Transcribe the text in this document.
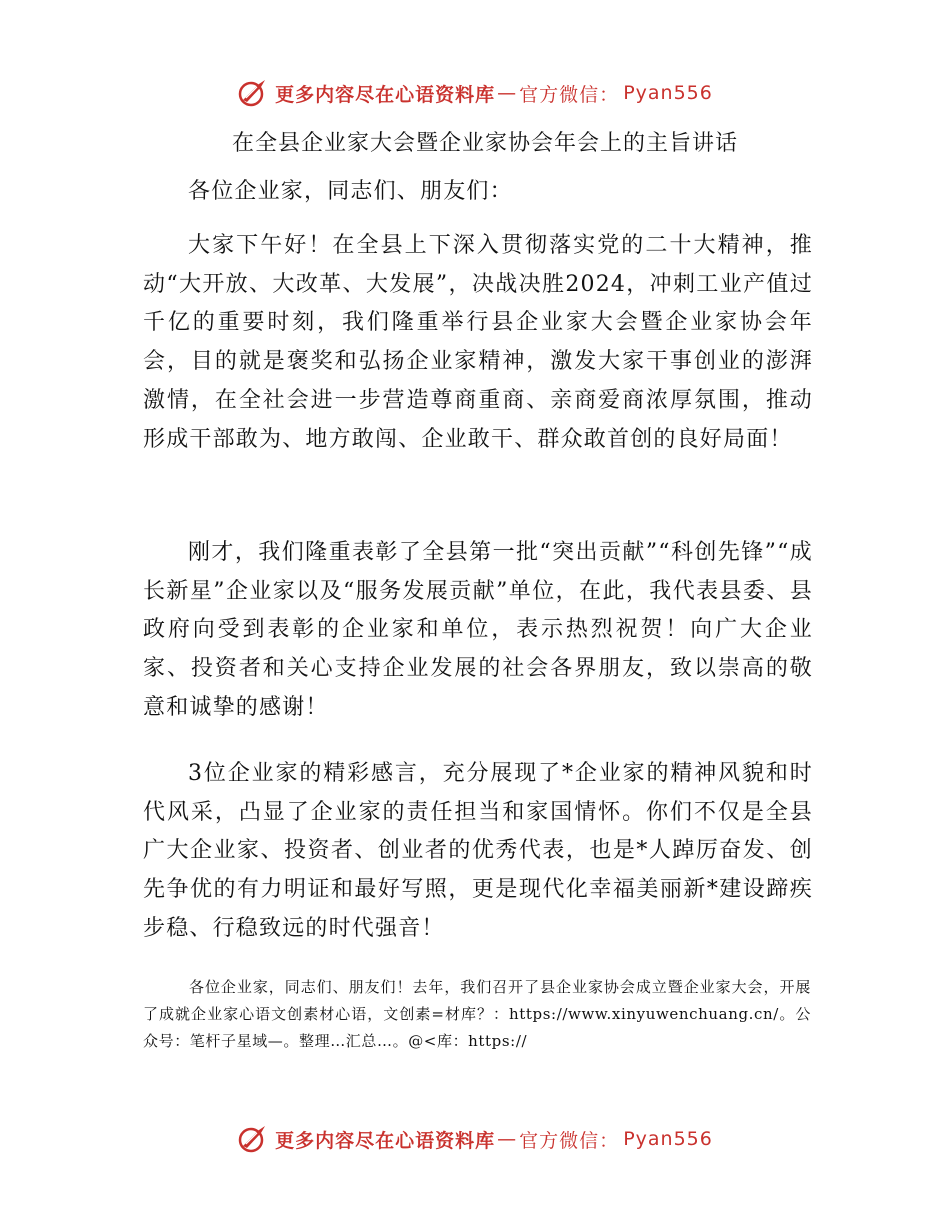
更多内容尽在心语资料库 — 官方微信： Pyan556
在全县企业家大会暨企业家协会年会上的主旨讲话
各位企业家，同志们、朋友们：
大家下午好！在全县上下深入贯彻落实党的二十大精神，推动“大开放、大改革、大发展”，决战决胜2024，冲刺工业产值过千亿的重要时刻，我们隆重举行县企业家大会暨企业家协会年会，目的就是褒奖和弘扬企业家精神，激发大家干事创业的澎湃激情，在全社会进一步营造尊商重商、亲商爱商浓厚氛围，推动形成干部敢为、地方敢闯、企业敢干、群众敢首创的良好局面！
刚才，我们隆重表彰了全县第一批“突出贡献”“科创先锋”“成长新星”企业家以及“服务发展贡献”单位，在此，我代表县委、县政府向受到表彰的企业家和单位，表示热烈祝贺！向广大企业家、投资者和关心支持企业发展的社会各界朋友，致以崇高的敬意和诚挚的感谢！
3位企业家的精彩感言，充分展现了*企业家的精神风貌和时代风采，凸显了企业家的责任担当和家国情怀。你们不仅是全县广大企业家、投资者、创业者的优秀代表，也是*人踔厉奋发、创先争优的有力明证和最好写照，更是现代化幸福美丽新*建设蹄疾步稳、行稳致远的时代强音！
各位企业家，同志们、朋友们！去年，我们召开了县企业家协会成立暨企业家大会，开展了成就企业家心语文创素材心语，文创素=材库？：https://www.xinyuwenchuang.cn/。公众号：笔杆子星域—。整理…汇总…。@<库：https://
更多内容尽在心语资料库 — 官方微信： Pyan556
